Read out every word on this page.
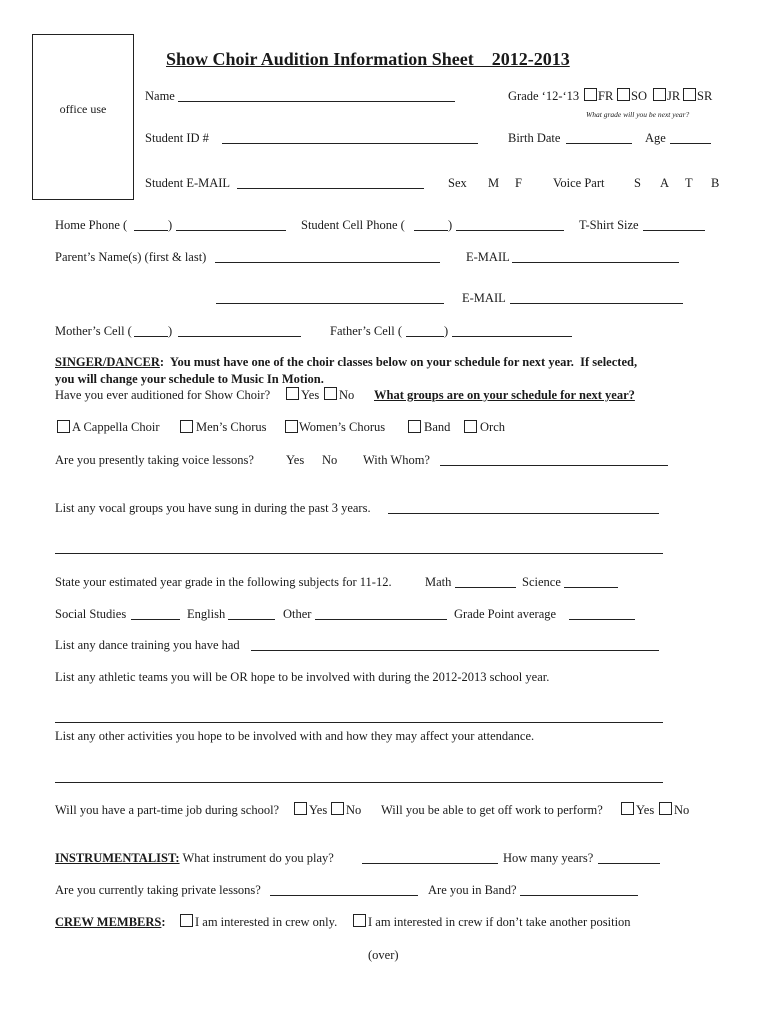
office use
Show Choir Audition Information Sheet    2012-2013
Name	Grade ‘12-‘13 FR SO JR SR
What grade will you be next year?
Student ID #	Birth Date	Age
Student E-MAIL	Sex M F Voice Part S A T B
Home Phone (	)	Student Cell Phone (	)	T-Shirt Size
Parent’s Name(s) (first & last)	E-MAIL
E-MAIL
Mother’s Cell (	)	Father’s Cell (	)
SINGER/DANCER:  You must have one of the choir classes below on your schedule for next year.  If selected,
you will change your schedule to Music In Motion.
Have you ever auditioned for Show Choir? Yes No What groups are on your schedule for next year?
A Cappella Choir	Men’s Chorus	Women’s Chorus	Band Orch
Are you presently taking voice lessons?	Yes No With Whom?
List any vocal groups you have sung in during the past 3 years.
State your estimated year grade in the following subjects for 11-12.	Math	Science
Social Studies	English	Other	Grade Point average
List any dance training you have had
List any athletic teams you will be OR hope to be involved with during the 2012-2013 school year.
List any other activities you hope to be involved with and how they may affect your attendance.
Will you have a part-time job during school? Yes No Will you be able to get off work to perform?	Yes No
INSTRUMENTALIST: What instrument do you play?	How many years?
Are you currently taking private lessons?	Are you in Band?
CREW MEMBERS: I am interested in crew only. I am interested in crew if don’t take another position
(over)
